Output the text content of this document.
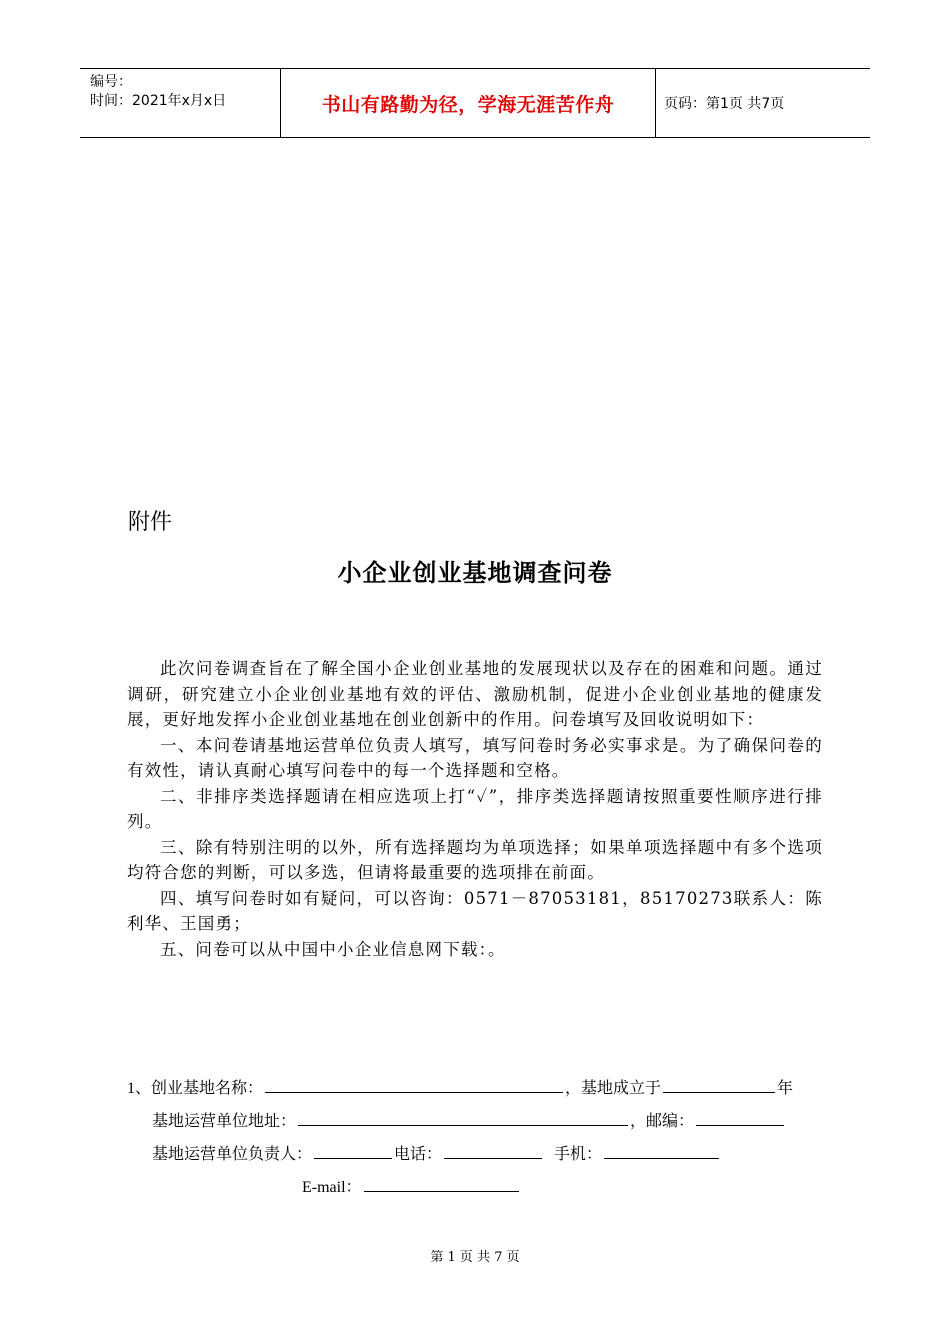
编号：
时间：2021年x月x日	书山有路勤为径，学海无涯苦作舟	页码：第1页 共7页
附件
小企业创业基地调查问卷

此次问卷调查旨在了解全国小企业创业基地的发展现状以及存在的困难和问题。通过调研，研究建立小企业创业基地有效的评估、激励机制，促进小企业创业基地的健康发展，更好地发挥小企业创业基地在创业创新中的作用。问卷填写及回收说明如下：

一、本问卷请基地运营单位负责人填写，填写问卷时务必实事求是。为了确保问卷的有效性，请认真耐心填写问卷中的每一个选择题和空格。

二、非排序类选择题请在相应选项上打“✓”，排序类选择题请按照重要性顺序进行排列。

三、除有特别注明的以外，所有选择题均为单项选择；如果单项选择题中有多个选项均符合您的判断，可以多选，但请将最重要的选项排在前面。

四、填写问卷时如有疑问，可以咨询：0571－87053181，85170273联系人：陈利华、王国勇；

五、问卷可以从中国中小企业信息网下载：。

1、创业基地名称：	，基地成立于	年
基地运营单位地址：	，邮编：
基地运营单位负责人：	电话：	手机：
E-mail：
第 1 页 共 7 页
